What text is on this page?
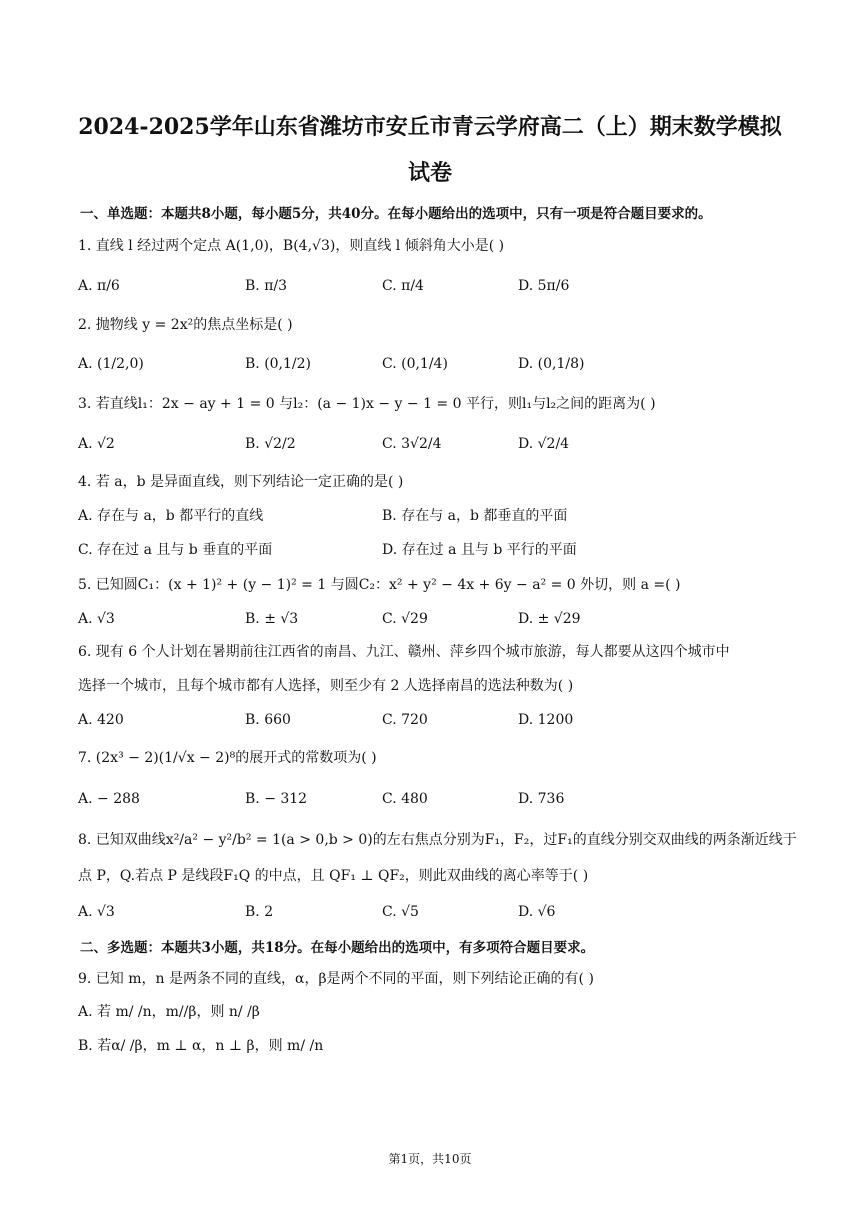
2024-2025学年山东省潍坊市安丘市青云学府高二（上）期末数学模拟
试卷
一、单选题：本题共8小题，每小题5分，共40分。在每小题给出的选项中，只有一项是符合题目要求的。
1. 直线 l 经过两个定点 A(1,0)，B(4,√3)，则直线 l 倾斜角大小是( )
A. π/6	B. π/3	C. π/4	D. 5π/6
2. 抛物线 y = 2x²的焦点坐标是( )
A. (1/2,0)	B. (0,1/2)	C. (0,1/4)	D. (0,1/8)
3. 若直线l₁：2x − ay + 1 = 0 与l₂：(a − 1)x − y − 1 = 0 平行，则l₁与l₂之间的距离为( )
A. √2	B. √2/2	C. 3√2/4	D. √2/4
4. 若 a，b 是异面直线，则下列结论一定正确的是( )
A. 存在与 a，b 都平行的直线	B. 存在与 a，b 都垂直的平面
C. 存在过 a 且与 b 垂直的平面	D. 存在过 a 且与 b 平行的平面
5. 已知圆C₁：(x + 1)² + (y − 1)² = 1 与圆C₂：x² + y² − 4x + 6y − a² = 0 外切，则 a =( )
A. √3	B. ± √3	C. √29	D. ± √29
6. 现有 6 个人计划在暑期前往江西省的南昌、九江、赣州、萍乡四个城市旅游，每人都要从这四个城市中
选择一个城市，且每个城市都有人选择，则至少有 2 人选择南昌的选法种数为( )
A. 420	B. 660	C. 720	D. 1200
7. (2x³ − 2)(1/√x − 2)⁸的展开式的常数项为( )
A. − 288	B. − 312	C. 480	D. 736
8. 已知双曲线x²/a² − y²/b² = 1(a > 0,b > 0)的左右焦点分别为F₁，F₂，过F₁的直线分别交双曲线的两条渐近线于
点 P，Q.若点 P 是线段F₁Q 的中点，且 QF₁ ⊥ QF₂，则此双曲线的离心率等于( )
A. √3	B. 2	C. √5	D. √6
二、多选题：本题共3小题，共18分。在每小题给出的选项中，有多项符合题目要求。
9. 已知 m，n 是两条不同的直线，α，β是两个不同的平面，则下列结论正确的有( )
A. 若 m/ /n，m//β，则 n/ /β
B. 若α/ /β，m ⊥ α，n ⊥ β，则 m/ /n
第1页，共10页
